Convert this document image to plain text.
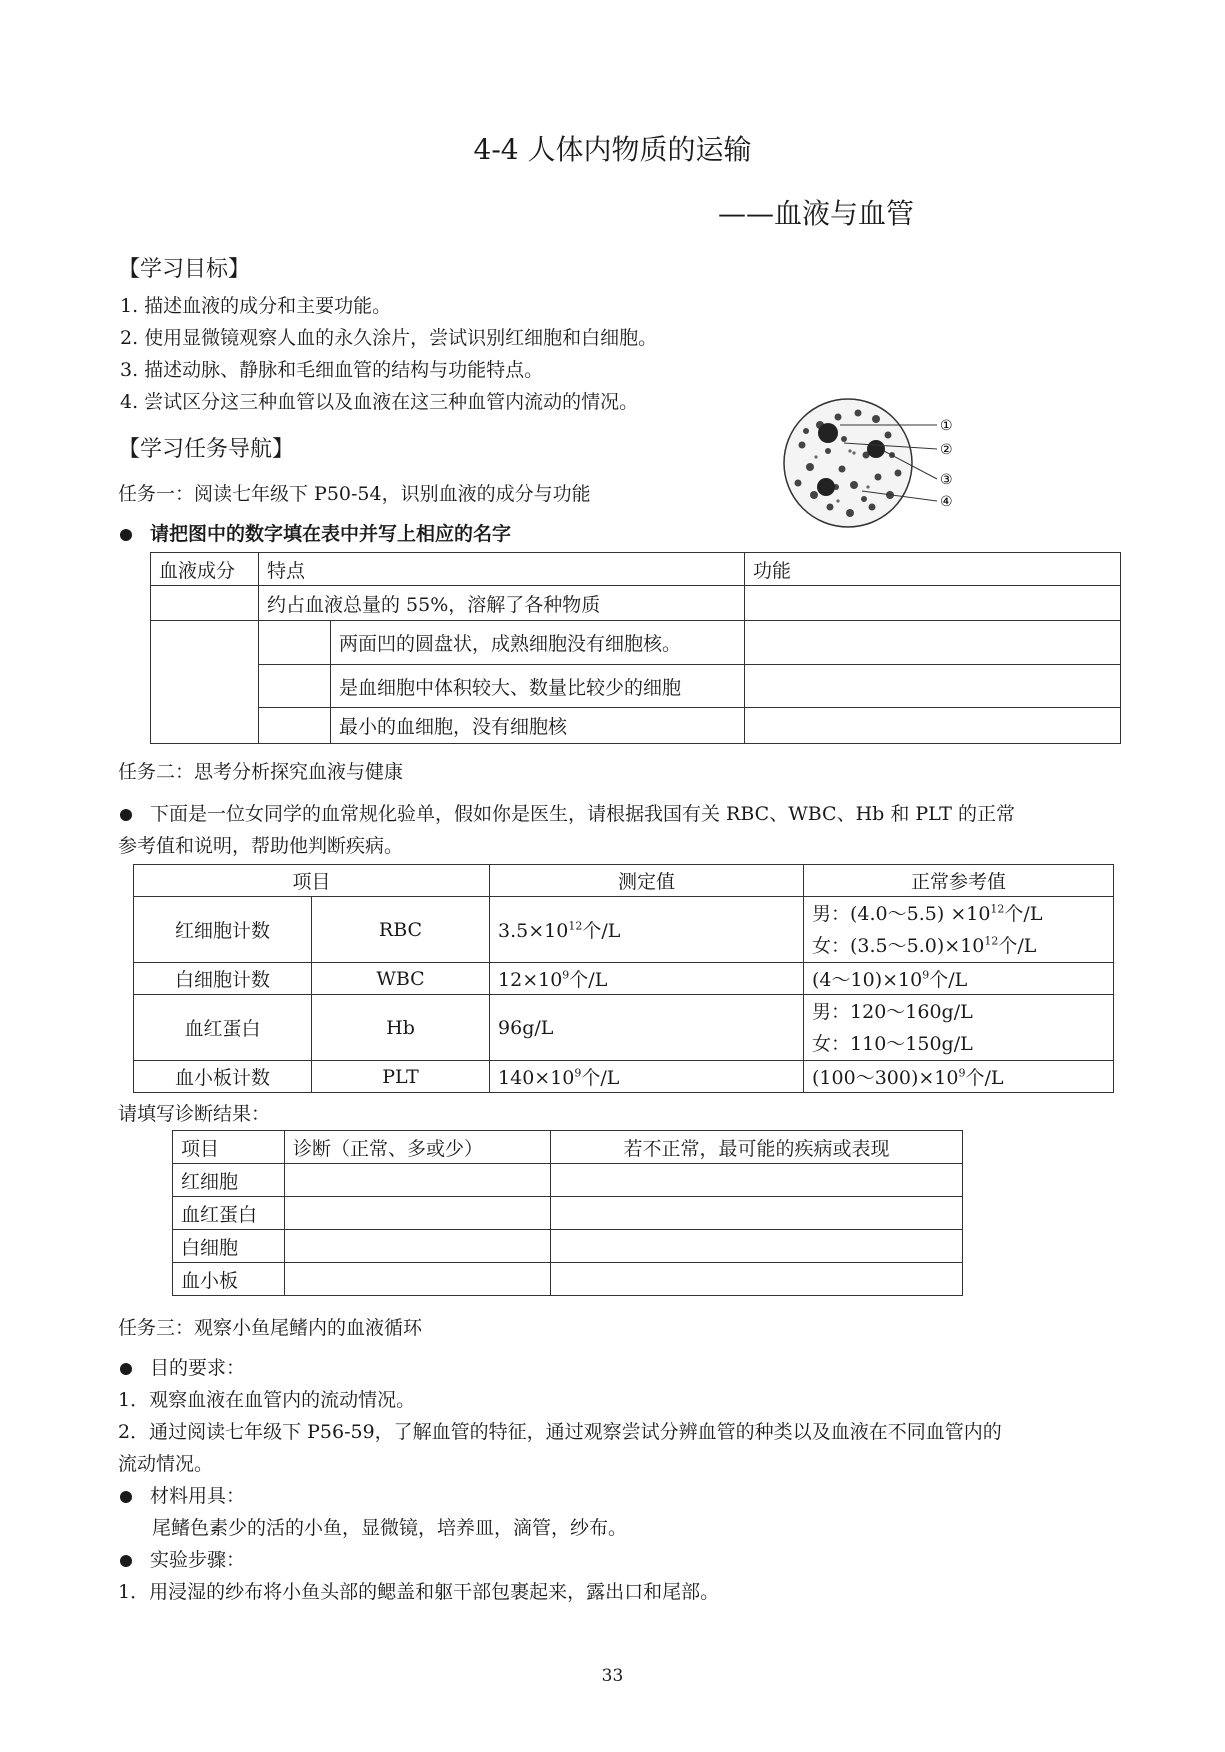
4-4 人体内物质的运输
——血液与血管
【学习目标】
1. 描述血液的成分和主要功能。
2. 使用显微镜观察人血的永久涂片，尝试识别红细胞和白细胞。
3. 描述动脉、静脉和毛细血管的结构与功能特点。
4. 尝试区分这三种血管以及血液在这三种血管内流动的情况。
【学习任务导航】
①
②
③
④
任务一：阅读七年级下 P50-54，识别血液的成分与功能
请把图中的数字填在表中并写上相应的名字
血液成分	特点		功能
	约占血液总量的 55%，溶解了各种物质		
		两面凹的圆盘状，成熟细胞没有细胞核。	
		是血细胞中体积较大、数量比较少的细胞	
		最小的血细胞，没有细胞核	
任务二：思考分析探究血液与健康
下面是一位女同学的血常规化验单，假如你是医生，请根据我国有关 RBC、WBC、Hb 和 PLT 的正常
参考值和说明，帮助他判断疾病。
项目		测定值	正常参考值
红细胞计数	RBC	$3.5\times 10^{12}$个/L	男：(4.0～5.5) $\times 10^{12}$个/L
女：$(3.5\sim 5.0)\times 10^{12}$个/L

白细胞计数	WBC	$12\times 10^9$个/L	$(4\sim 10)\times 10^9$个/L
血红蛋白	Hb	96g/L	男：120～160g/L
女：110～150g/L

血小板计数	PLT	$140\times 10^9$个/L	$(100\sim 300)\times 10^9$个/L
请填写诊断结果：
项目	诊断（正常、多或少）	若不正常，最可能的疾病或表现
红细胞		
血红蛋白		
白细胞		
血小板		
任务三：观察小鱼尾鳍内的血液循环
目的要求：
1．观察血液在血管内的流动情况。
2．通过阅读七年级下 P56-59，了解血管的特征，通过观察尝试分辨血管的种类以及血液在不同血管内的
流动情况。
材料用具：
尾鳍色素少的活的小鱼，显微镜，培养皿，滴管，纱布。
实验步骤：
1．用浸湿的纱布将小鱼头部的鳃盖和躯干部包裹起来，露出口和尾部。
33
